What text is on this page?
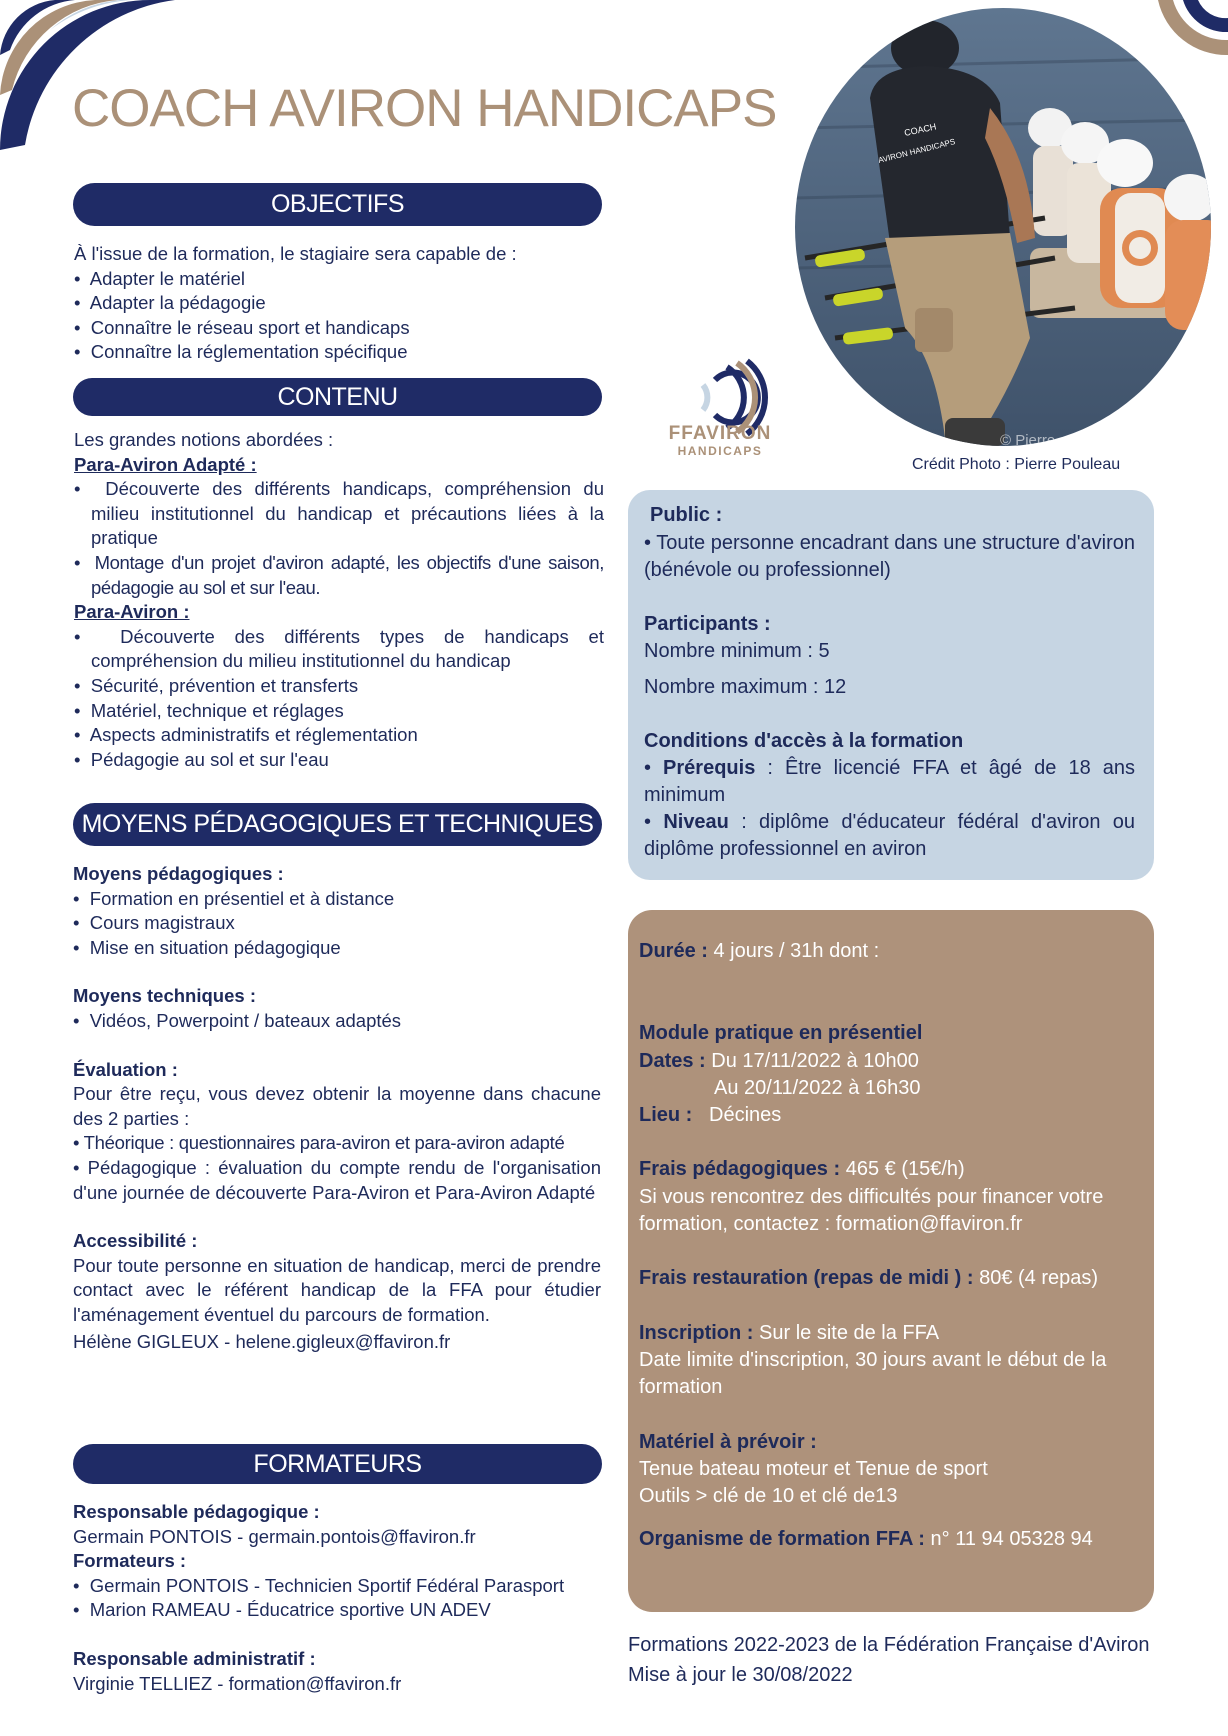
COACH AVIRON HANDICAPS
OBJECTIFS

À l'issue de la formation, le stagiaire sera capable de :

•  Adapter le matériel

•  Adapter la pédagogie

•  Connaître le réseau sport et handicaps

•  Connaître la réglementation spécifique

CONTENU

Les grandes notions abordées :

Para-Aviron Adapté :

•  Découverte des différents handicaps, compréhension du milieu institutionnel du handicap et précautions liées à la pratique

•  Montage d'un projet d'aviron adapté, les objectifs d'une saison, pédagogie au sol et sur l'eau.

Para-Aviron :

•  Découverte des différents types de handicaps et compréhension du milieu institutionnel du handicap

•  Sécurité, prévention et transferts

•  Matériel, technique et réglages

•  Aspects administratifs et réglementation

•  Pédagogie au sol et sur l'eau

MOYENS PÉDAGOGIQUES ET TECHNIQUES

Moyens pédagogiques :

•  Formation en présentiel et à distance

•  Cours magistraux

•  Mise en situation pédagogique

Moyens techniques :

•  Vidéos, Powerpoint / bateaux adaptés

Évaluation :

Pour être reçu, vous devez obtenir la moyenne dans chacune des 2 parties :

• Théorique : questionnaires para-aviron et para-aviron adapté

• Pédagogique : évaluation du compte rendu de l'organisation d'une journée de découverte Para-Aviron et Para-Aviron Adapté

Accessibilité :

Pour toute personne en situation de handicap, merci de prendre contact avec le référent handicap de la FFA pour étudier l'aménagement éventuel du parcours de formation.

Hélène GIGLEUX - helene.gigleux@ffaviron.fr

FORMATEURS

Responsable pédagogique :

Germain PONTOIS - germain.pontois@ffaviron.fr

Formateurs :

•  Germain PONTOIS - Technicien Sportif Fédéral Parasport

•  Marion RAMEAU - Éducatrice sportive UN ADEV

Responsable administratif :

Virginie TELLIEZ - formation@ffaviron.fr

COACH
AVIRON HANDICAPS
© Pierre
Crédit Photo : Pierre Pouleau
FFAVIRON
HANDICAPS

Public :

• Toute personne encadrant dans une structure d'aviron (bénévole ou professionnel)

Participants :

Nombre minimum : 5

Nombre maximum : 12

Conditions d'accès à la formation

• Prérequis : Être licencié FFA et âgé de 18 ans minimum

• Niveau : diplôme d'éducateur fédéral d'aviron ou diplôme professionnel en aviron

Durée : 4 jours / 31h dont :

Module pratique en présentiel

Dates : Du 17/11/2022 à 10h00

Au 20/11/2022 à 16h30

Lieu : Décines

Frais pédagogiques : 465 € (15€/h)

Si vous rencontrez des difficultés pour financer votre formation, contactez : formation@ffaviron.fr

Frais restauration (repas de midi ) : 80€ (4 repas)

Inscription : Sur le site de la FFA

Date limite d'inscription, 30 jours avant le début de la formation

Matériel à prévoir :

Tenue bateau moteur et Tenue de sport

Outils > clé de 10 et clé de13

Organisme de formation FFA : n° 11 94 05328 94

Formations 2022-2023 de la Fédération Française d'Aviron

Mise à jour le 30/08/2022
